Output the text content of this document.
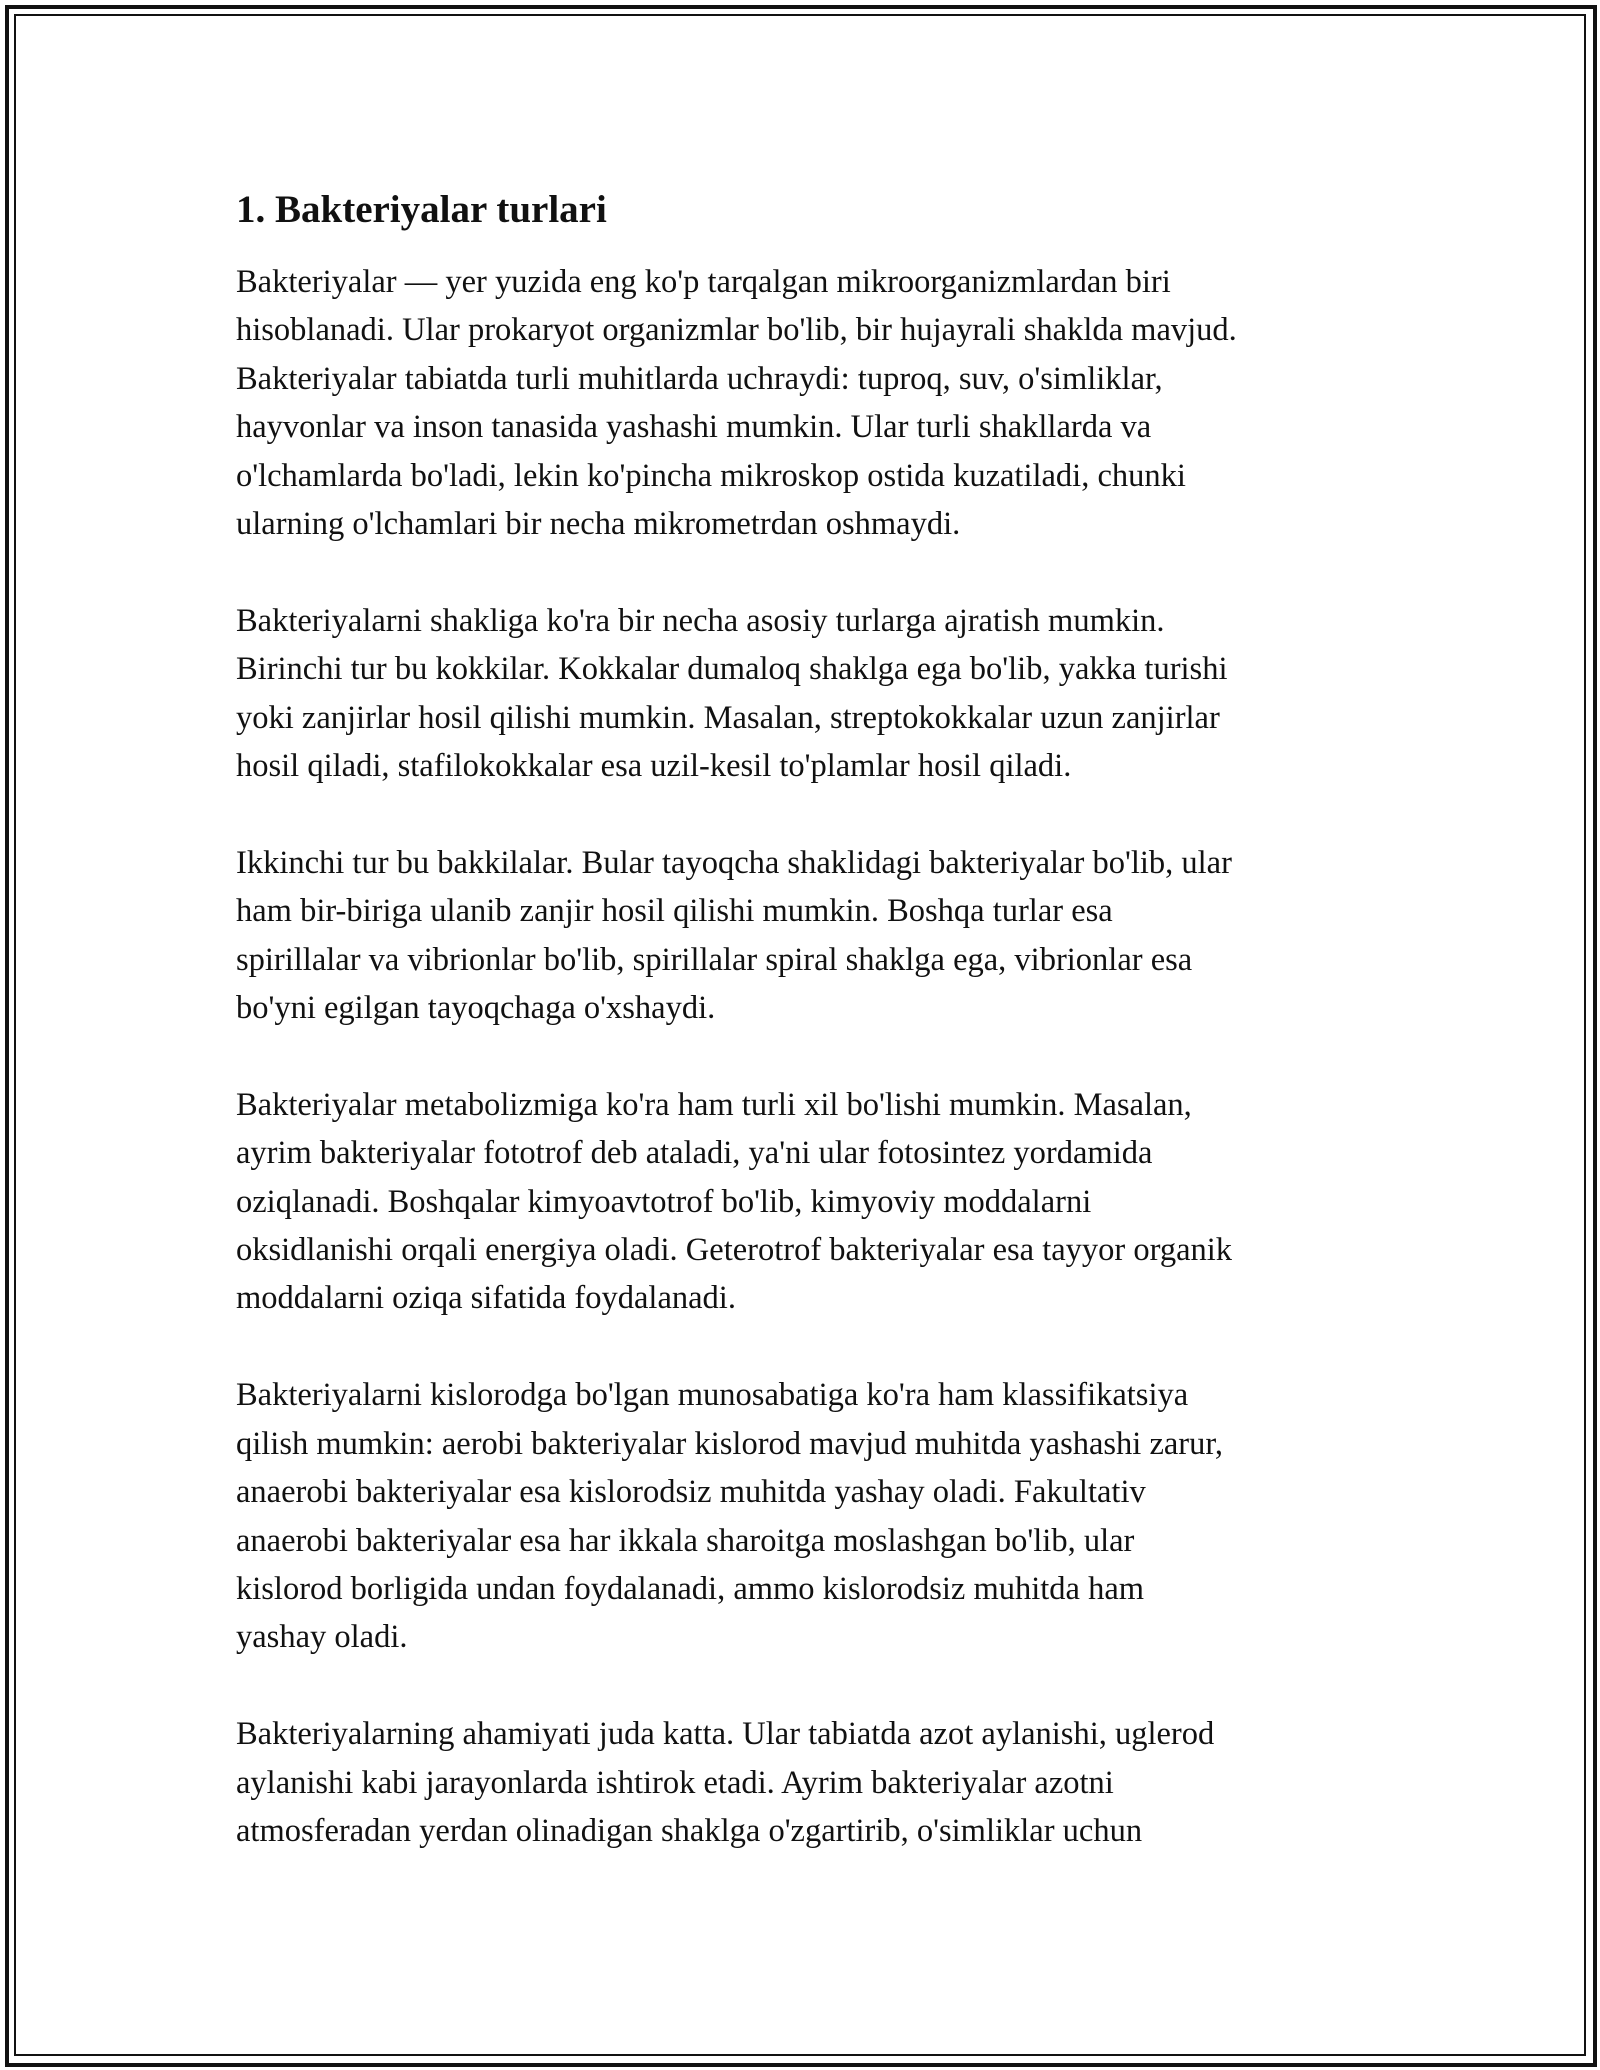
1. Bakteriyalar turlari

Bakteriyalar — yer yuzida eng ko'p tarqalgan mikroorganizmlardan biri
hisoblanadi. Ular prokaryot organizmlar bo'lib, bir hujayrali shaklda mavjud.
Bakteriyalar tabiatda turli muhitlarda uchraydi: tuproq, suv, o'simliklar,
hayvonlar va inson tanasida yashashi mumkin. Ular turli shakllarda va
o'lchamlarda bo'ladi, lekin ko'pincha mikroskop ostida kuzatiladi, chunki
ularning o'lchamlari bir necha mikrometrdan oshmaydi.

Bakteriyalarni shakliga ko'ra bir necha asosiy turlarga ajratish mumkin.
Birinchi tur bu kokkilar. Kokkalar dumaloq shaklga ega bo'lib, yakka turishi
yoki zanjirlar hosil qilishi mumkin. Masalan, streptokokkalar uzun zanjirlar
hosil qiladi, stafilokokkalar esa uzil-kesil to'plamlar hosil qiladi.

Ikkinchi tur bu bakkilalar. Bular tayoqcha shaklidagi bakteriyalar bo'lib, ular
ham bir-biriga ulanib zanjir hosil qilishi mumkin. Boshqa turlar esa
spirillalar va vibrionlar bo'lib, spirillalar spiral shaklga ega, vibrionlar esa
bo'yni egilgan tayoqchaga o'xshaydi.

Bakteriyalar metabolizmiga ko'ra ham turli xil bo'lishi mumkin. Masalan,
ayrim bakteriyalar fototrof deb ataladi, ya'ni ular fotosintez yordamida
oziqlanadi. Boshqalar kimyoavtotrof bo'lib, kimyoviy moddalarni
oksidlanishi orqali energiya oladi. Geterotrof bakteriyalar esa tayyor organik
moddalarni oziqa sifatida foydalanadi.

Bakteriyalarni kislorodga bo'lgan munosabatiga ko'ra ham klassifikatsiya
qilish mumkin: aerobi bakteriyalar kislorod mavjud muhitda yashashi zarur,
anaerobi bakteriyalar esa kislorodsiz muhitda yashay oladi. Fakultativ
anaerobi bakteriyalar esa har ikkala sharoitga moslashgan bo'lib, ular
kislorod borligida undan foydalanadi, ammo kislorodsiz muhitda ham
yashay oladi.

Bakteriyalarning ahamiyati juda katta. Ular tabiatda azot aylanishi, uglerod
aylanishi kabi jarayonlarda ishtirok etadi. Ayrim bakteriyalar azotni
atmosferadan yerdan olinadigan shaklga o'zgartirib, o'simliklar uchun
